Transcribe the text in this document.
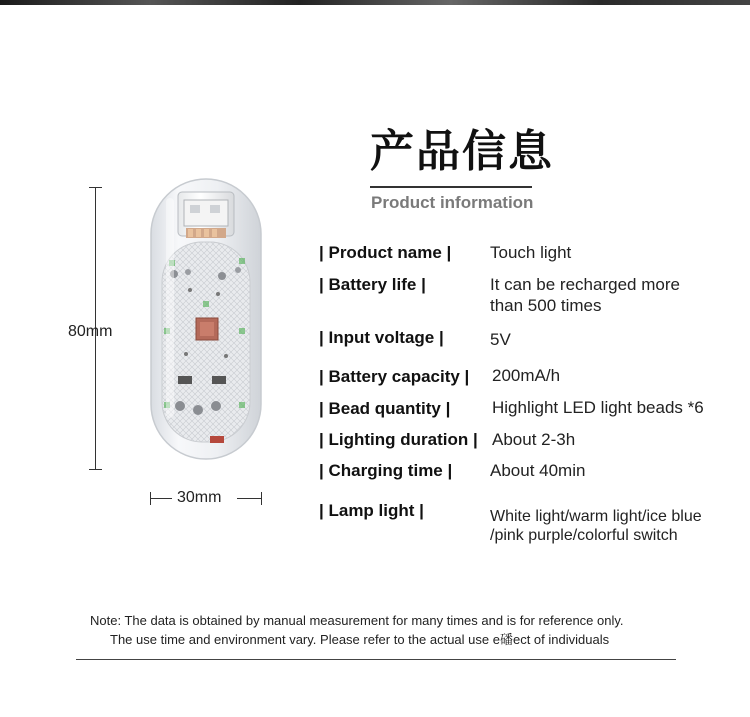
产品信息
Product information
80mm
30mm
| Product name | Touch light
| Battery life |	It can be recharged more
than 500 times
| Input voltage |	5V
| Battery capacity | 200mA/h
| Bead quantity | Highlight LED light beads *6
| Lighting duration | About 2-3h
| Charging time | About 40min
| Lamp light |	White light/warm light/ice blue
/pink purple/colorful switch
Note: The data is obtained by manual measurement for many times and is for reference only.
The use time and environment vary. Please refer to the actual use e磻ect of individuals
